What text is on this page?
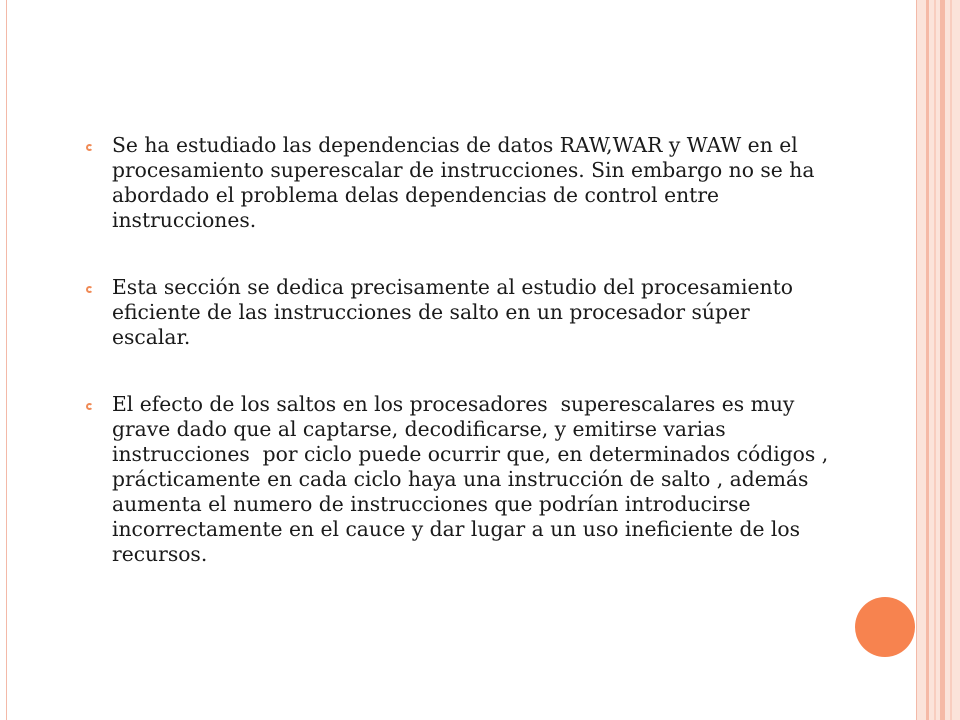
Se ha estudiado las dependencias de datos RAW,WAR y WAW en el
procesamiento superescalar de instrucciones. Sin embargo no se ha
abordado el problema delas dependencias de control entre
instrucciones.

Esta sección se dedica precisamente al estudio del procesamiento
eficiente de las instrucciones de salto en un procesador súper
escalar.

El efecto de los saltos en los procesadores  superescalares es muy
grave dado que al captarse, decodificarse, y emitirse varias
instrucciones  por ciclo puede ocurrir que, en determinados códigos ,
prácticamente en cada ciclo haya una instrucción de salto , además
aumenta el numero de instrucciones que podrían introducirse
incorrectamente en el cauce y dar lugar a un uso ineficiente de los
recursos.
